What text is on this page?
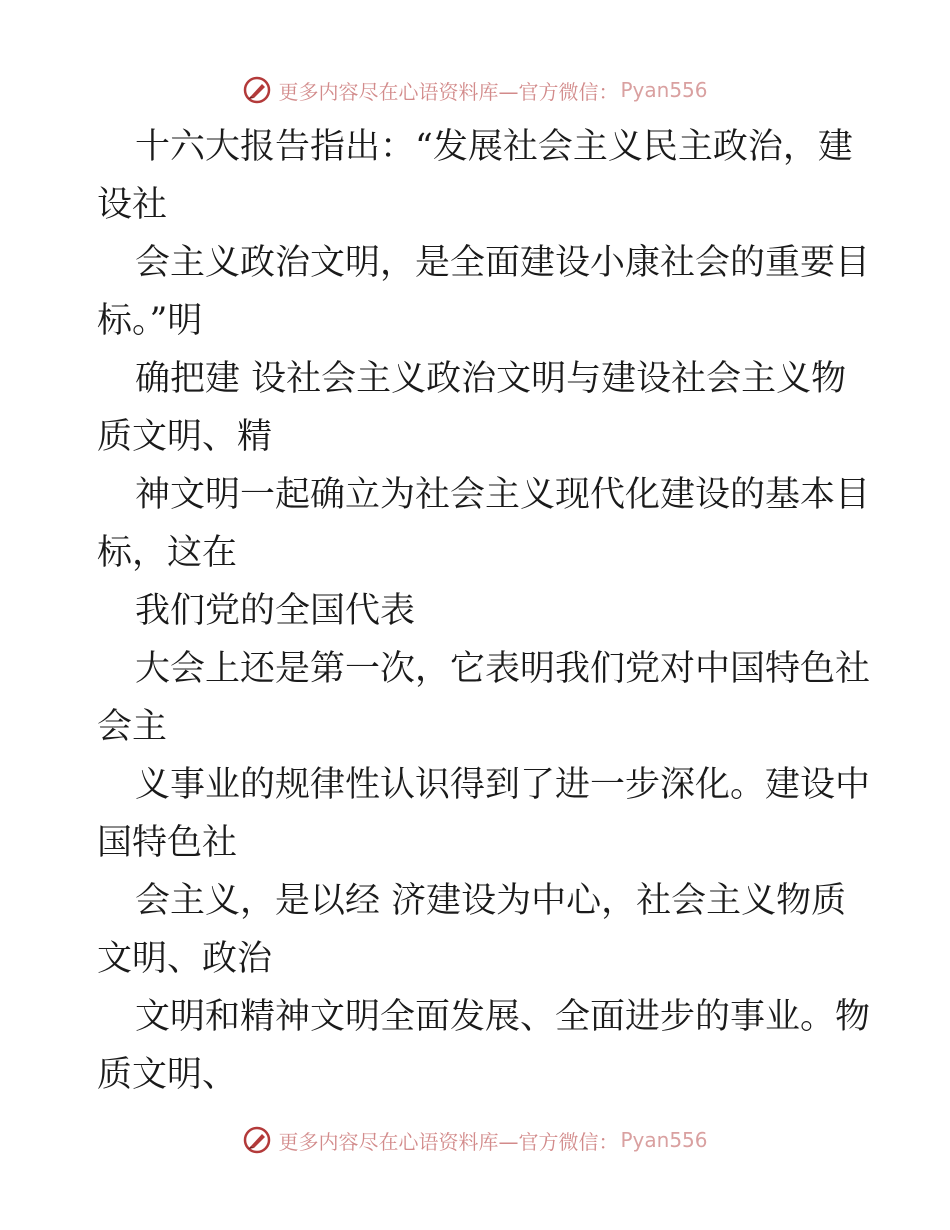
更多内容尽在心语资料库—官方微信： Pyan556

十六大报告指出：“发展社会主义民主政治，建
设社

会主义政治文明，是全面建设小康社会的重要目
标。”明

确把建 设社会主义政治文明与建设社会主义物
质文明、精

神文明一起确立为社会主义现代化建设的基本目
标，这在

我们党的全国代表

大会上还是第一次，它表明我们党对中国特色社
会主

义事业的规律性认识得到了进一步深化。建设中
国特色社

会主义，是以经 济建设为中心，社会主义物质
文明、政治

文明和精神文明全面发展、全面进步的事业。物
质文明、

更多内容尽在心语资料库—官方微信： Pyan556
